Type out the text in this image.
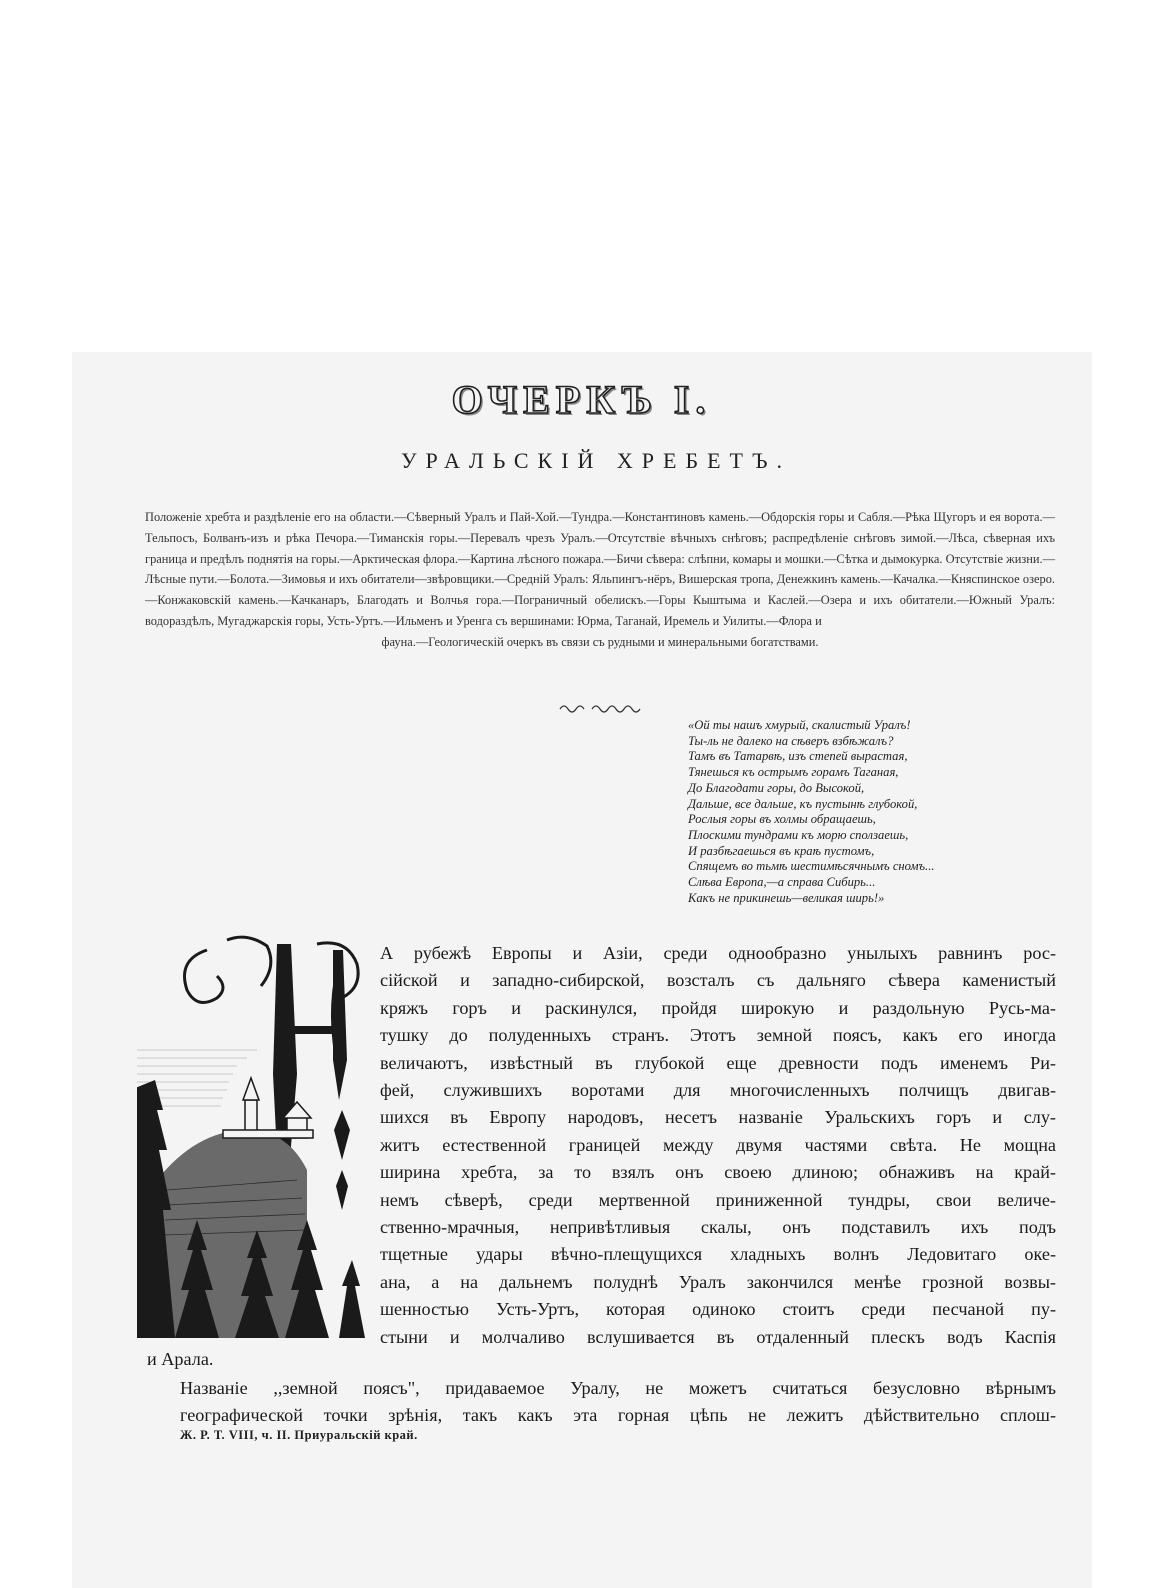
ОЧЕРКЪ I.
УРАЛЬСКІЙ ХРЕБЕТЪ.
Положеніе хребта и раздѣленіе его на области.—Сѣверный Уралъ и Пай-Хой.—Тундра.—Константиновъ камень.—Обдорскія горы и Сабля.—Рѣка Щугоръ и ея ворота.—Тельпосъ, Болванъ-изъ и рѣка Печора.—Тиманскія горы.—Перевалъ чрезъ Уралъ.—Отсутствіе вѣчныхъ снѣговъ; распредѣленіе снѣговъ зимой.—Лѣса, сѣверная ихъ граница и предѣлъ поднятія на горы.—Арктическая флора.—Картина лѣсного пожара.—Бичи сѣвера: слѣпни, комары и мошки.—Сѣтка и дымокурка. Отсутствіе жизни.—Лѣсные пути.—Болота.—Зимовья и ихъ обитатели—звѣровщики.—Средній Уралъ: Яльпингъ-нёръ, Вишерская тропа, Денежкинъ камень.—Качалка.—Княспинское озеро.—Конжаковскій камень.—Качканаръ, Благодать и Волчья гора.—Пограничный обелискъ.—Горы Кыштыма и Каслей.—Озера и ихъ обитатели.—Южный Уралъ: водораздѣлъ, Мугаджарскія горы, Усть-Уртъ.—Ильменъ и Уренга съ вершинами: Юрма, Таганай, Иремель и Уилиты.—Флора и
фауна.—Геологическій очеркъ въ связи съ рудными и минеральными богатствами.
«Ой ты нашъ хмурый, скалистый Уралъ!
Ты-ль не далеко на сѣверъ взбѣжалъ?
Тамъ въ Татарвѣ, изъ степей вырастая,
Тянешься къ острымъ горамъ Таганая,
До Благодати горы, до Высокой,
Дальше, все дальше, къ пустынѣ глубокой,
Рослыя горы въ холмы обращаешь,
Плоскими тундрами къ морю сползаешь,
И разбѣгаешься въ краѣ пустомъ,
Спящемъ во тьмѣ шестимѣсячнымъ сномъ...
Слѣва Европа,—а справа Сибирь...
Какъ не прикинешь—великая ширь!»
А рубежѣ Европы и Азіи, среди однообразно унылыхъ равнинъ рос-
сійской и западно-сибирской, возсталъ съ дальняго сѣвера каменистый
кряжъ горъ и раскинулся, пройдя широкую и раздольную Русь-ма-
тушку до полуденныхъ странъ. Этотъ земной поясъ, какъ его иногда
величаютъ, извѣстный въ глубокой еще древности подъ именемъ Ри-
фей, служившихъ воротами для многочисленныхъ полчищъ двигав-
шихся въ Европу народовъ, несетъ названіе Уральскихъ горъ и слу-
житъ естественной границей между двумя частями свѣта. Не мощна
ширина хребта, за то взялъ онъ своею длиною; обнаживъ на край-
немъ сѣверѣ, среди мертвенной приниженной тундры, свои величе-
ственно-мрачныя, непривѣтливыя скалы, онъ подставилъ ихъ подъ
тщетные удары вѣчно-плещущихся хладныхъ волнъ Ледовитаго оке-
ана, а на дальнемъ полуднѣ Уралъ закончился менѣе грозной возвы-
шенностью Усть-Уртъ, которая одиноко стоитъ среди песчаной пу-
стыни и молчаливо вслушивается въ отдаленный плескъ водъ Каспія
и Арала.
Названіе ,,земной поясъ", придаваемое Уралу, не можетъ считаться безусловно вѣрнымъ
географической точки зрѣнія, такъ какъ эта горная цѣпь не лежитъ дѣйствительно сплош-
Ж. Р. Т. VIII, ч. II. Приуральскій край.
